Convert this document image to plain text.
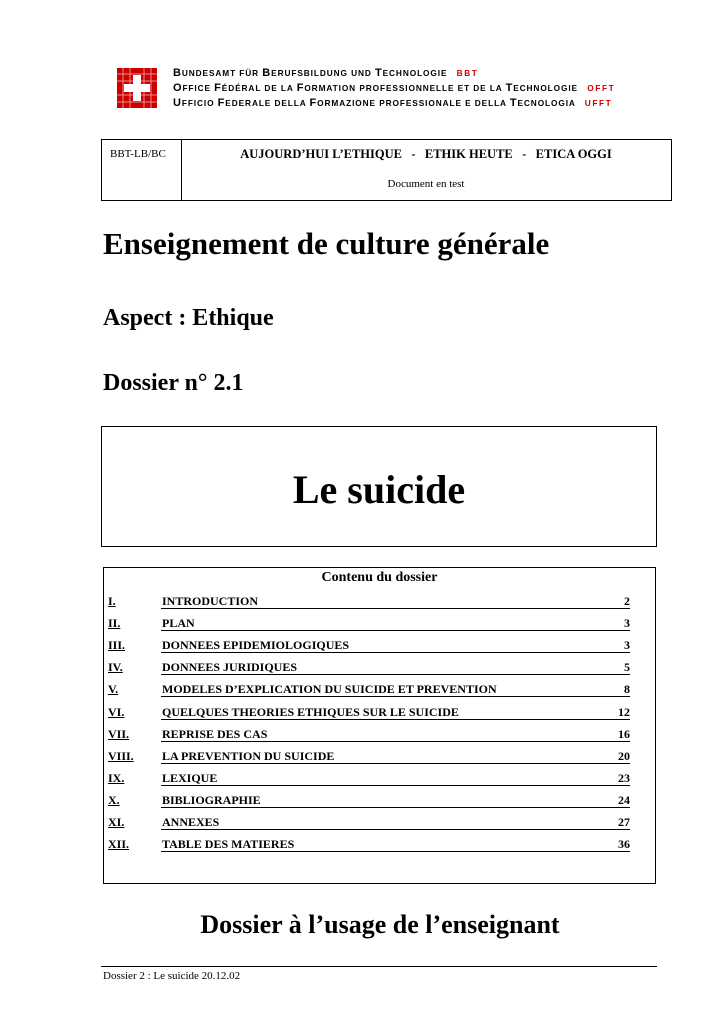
BUNDESAMT FÜR BERUFSBILDUNG UND TECHNOLOGIE BBT
OFFICE FÉDÉRAL DE LA FORMATION PROFESSIONNELLE ET DE LA TECHNOLOGIE OFFT
UFFICIO FEDERALE DELLA FORMAZIONE PROFESSIONALE E DELLA TECNOLOGIA UFFT
BBT-LB/BC	AUJOURD’HUI L’ETHIQUE   -   ETHIK HEUTE   -   ETICA OGGI
Document en test
Enseignement de culture générale
Aspect : Ethique
Dossier n° 2.1
Le suicide
Contenu du dossier
I.	INTRODUCTION	2
II.	PLAN	3
III.	DONNEES EPIDEMIOLOGIQUES	3
IV.	DONNEES JURIDIQUES	5
V.	MODELES D’EXPLICATION DU SUICIDE ET PREVENTION	8
VI.	QUELQUES THEORIES ETHIQUES SUR LE SUICIDE	12
VII.	REPRISE DES CAS	16
VIII. LA PREVENTION DU SUICIDE	20
IX.	LEXIQUE	23
X.	BIBLIOGRAPHIE	24
XI.	ANNEXES	27
XII.	TABLE DES MATIERES	36
Dossier à l’usage de l’enseignant
Dossier 2 : Le suicide 20.12.02
